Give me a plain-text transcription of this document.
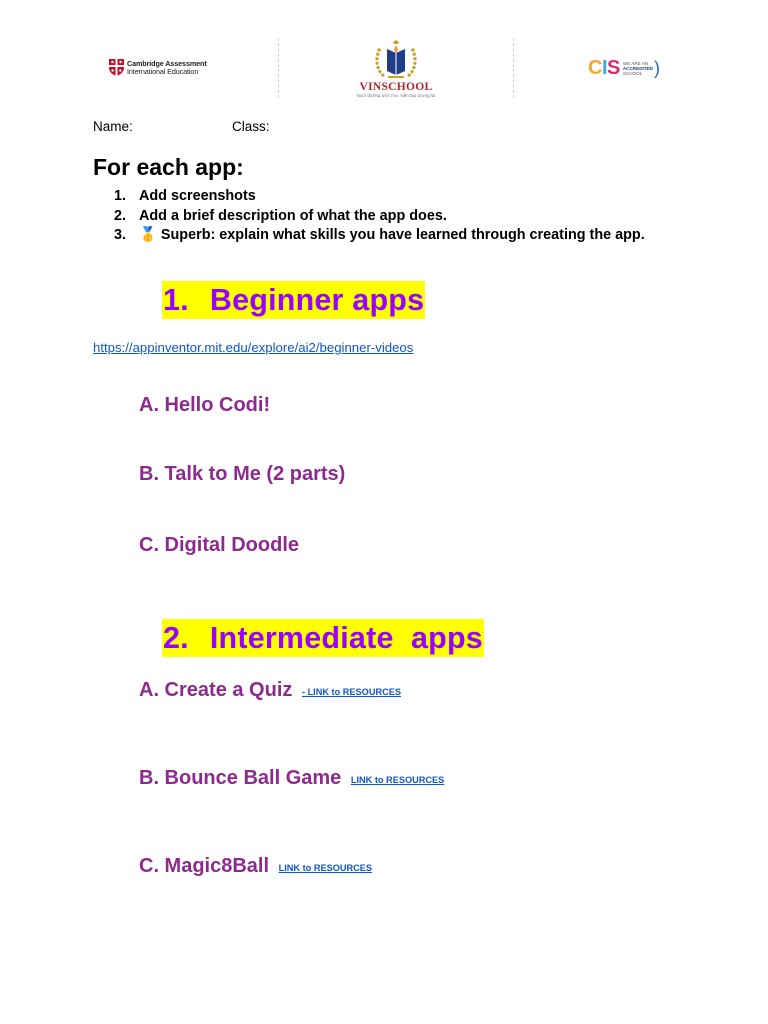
Cambridge Assessment
International Education
VINSCHOOL
Nuôi dưỡng ước mơ, kiến tạo tương lai
CIS WE ARE AN
ACCREDITED
SCHOOL )
Name:	Class:
For each app:
1. Add screenshots
2. Add a brief description of what the app does.
3. 🥇 Superb: explain what skills you have learned through creating the app.
1. Beginner apps
https://appinventor.mit.edu/explore/ai2/beginner-videos
A. Hello Codi!
B. Talk to Me (2 parts)
C. Digital Doodle
2. Intermediate  apps
A. Create a Quiz - LINK to RESOURCES
B. Bounce Ball Game LINK to RESOURCES
C. Magic8Ball LINK to RESOURCES
